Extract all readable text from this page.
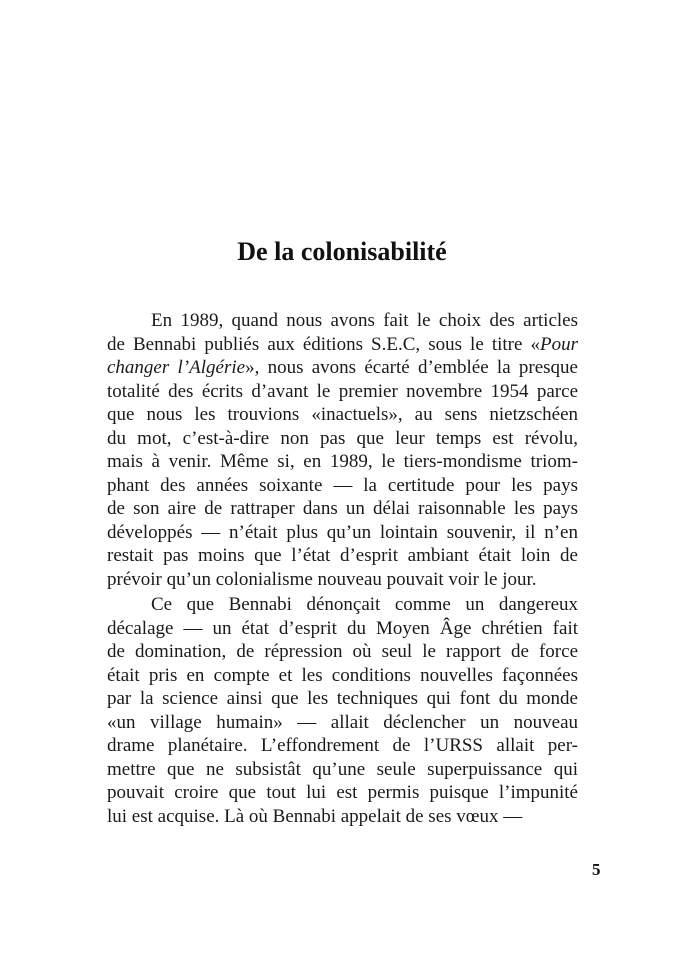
De la colonisabilité
En 1989, quand nous avons fait le choix des articles
de Bennabi publiés aux éditions S.E.C, sous le titre «Pour
changer l’Algérie», nous avons écarté d’emblée la presque
totalité des écrits d’avant le premier novembre 1954 parce
que nous les trouvions «inactuels», au sens nietzschéen
du mot, c’est-à-dire non pas que leur temps est révolu,
mais à venir. Même si, en 1989, le tiers-mondisme triom-
phant des années soixante — la certitude pour les pays
de son aire de rattraper dans un délai raisonnable les pays
développés — n’était plus qu’un lointain souvenir, il n’en
restait pas moins que l’état d’esprit ambiant était loin de
prévoir qu’un colonialisme nouveau pouvait voir le jour.
Ce que Bennabi dénonçait comme un dangereux
décalage — un état d’esprit du Moyen Âge chrétien fait
de domination, de répression où seul le rapport de force
était pris en compte et les conditions nouvelles façonnées
par la science ainsi que les techniques qui font du monde
«un village humain» — allait déclencher un nouveau
drame planétaire. L’effondrement de l’URSS allait per-
mettre que ne subsistât qu’une seule superpuissance qui
pouvait croire que tout lui est permis puisque l’impunité
lui est acquise. Là où Bennabi appelait de ses vœux —
5
